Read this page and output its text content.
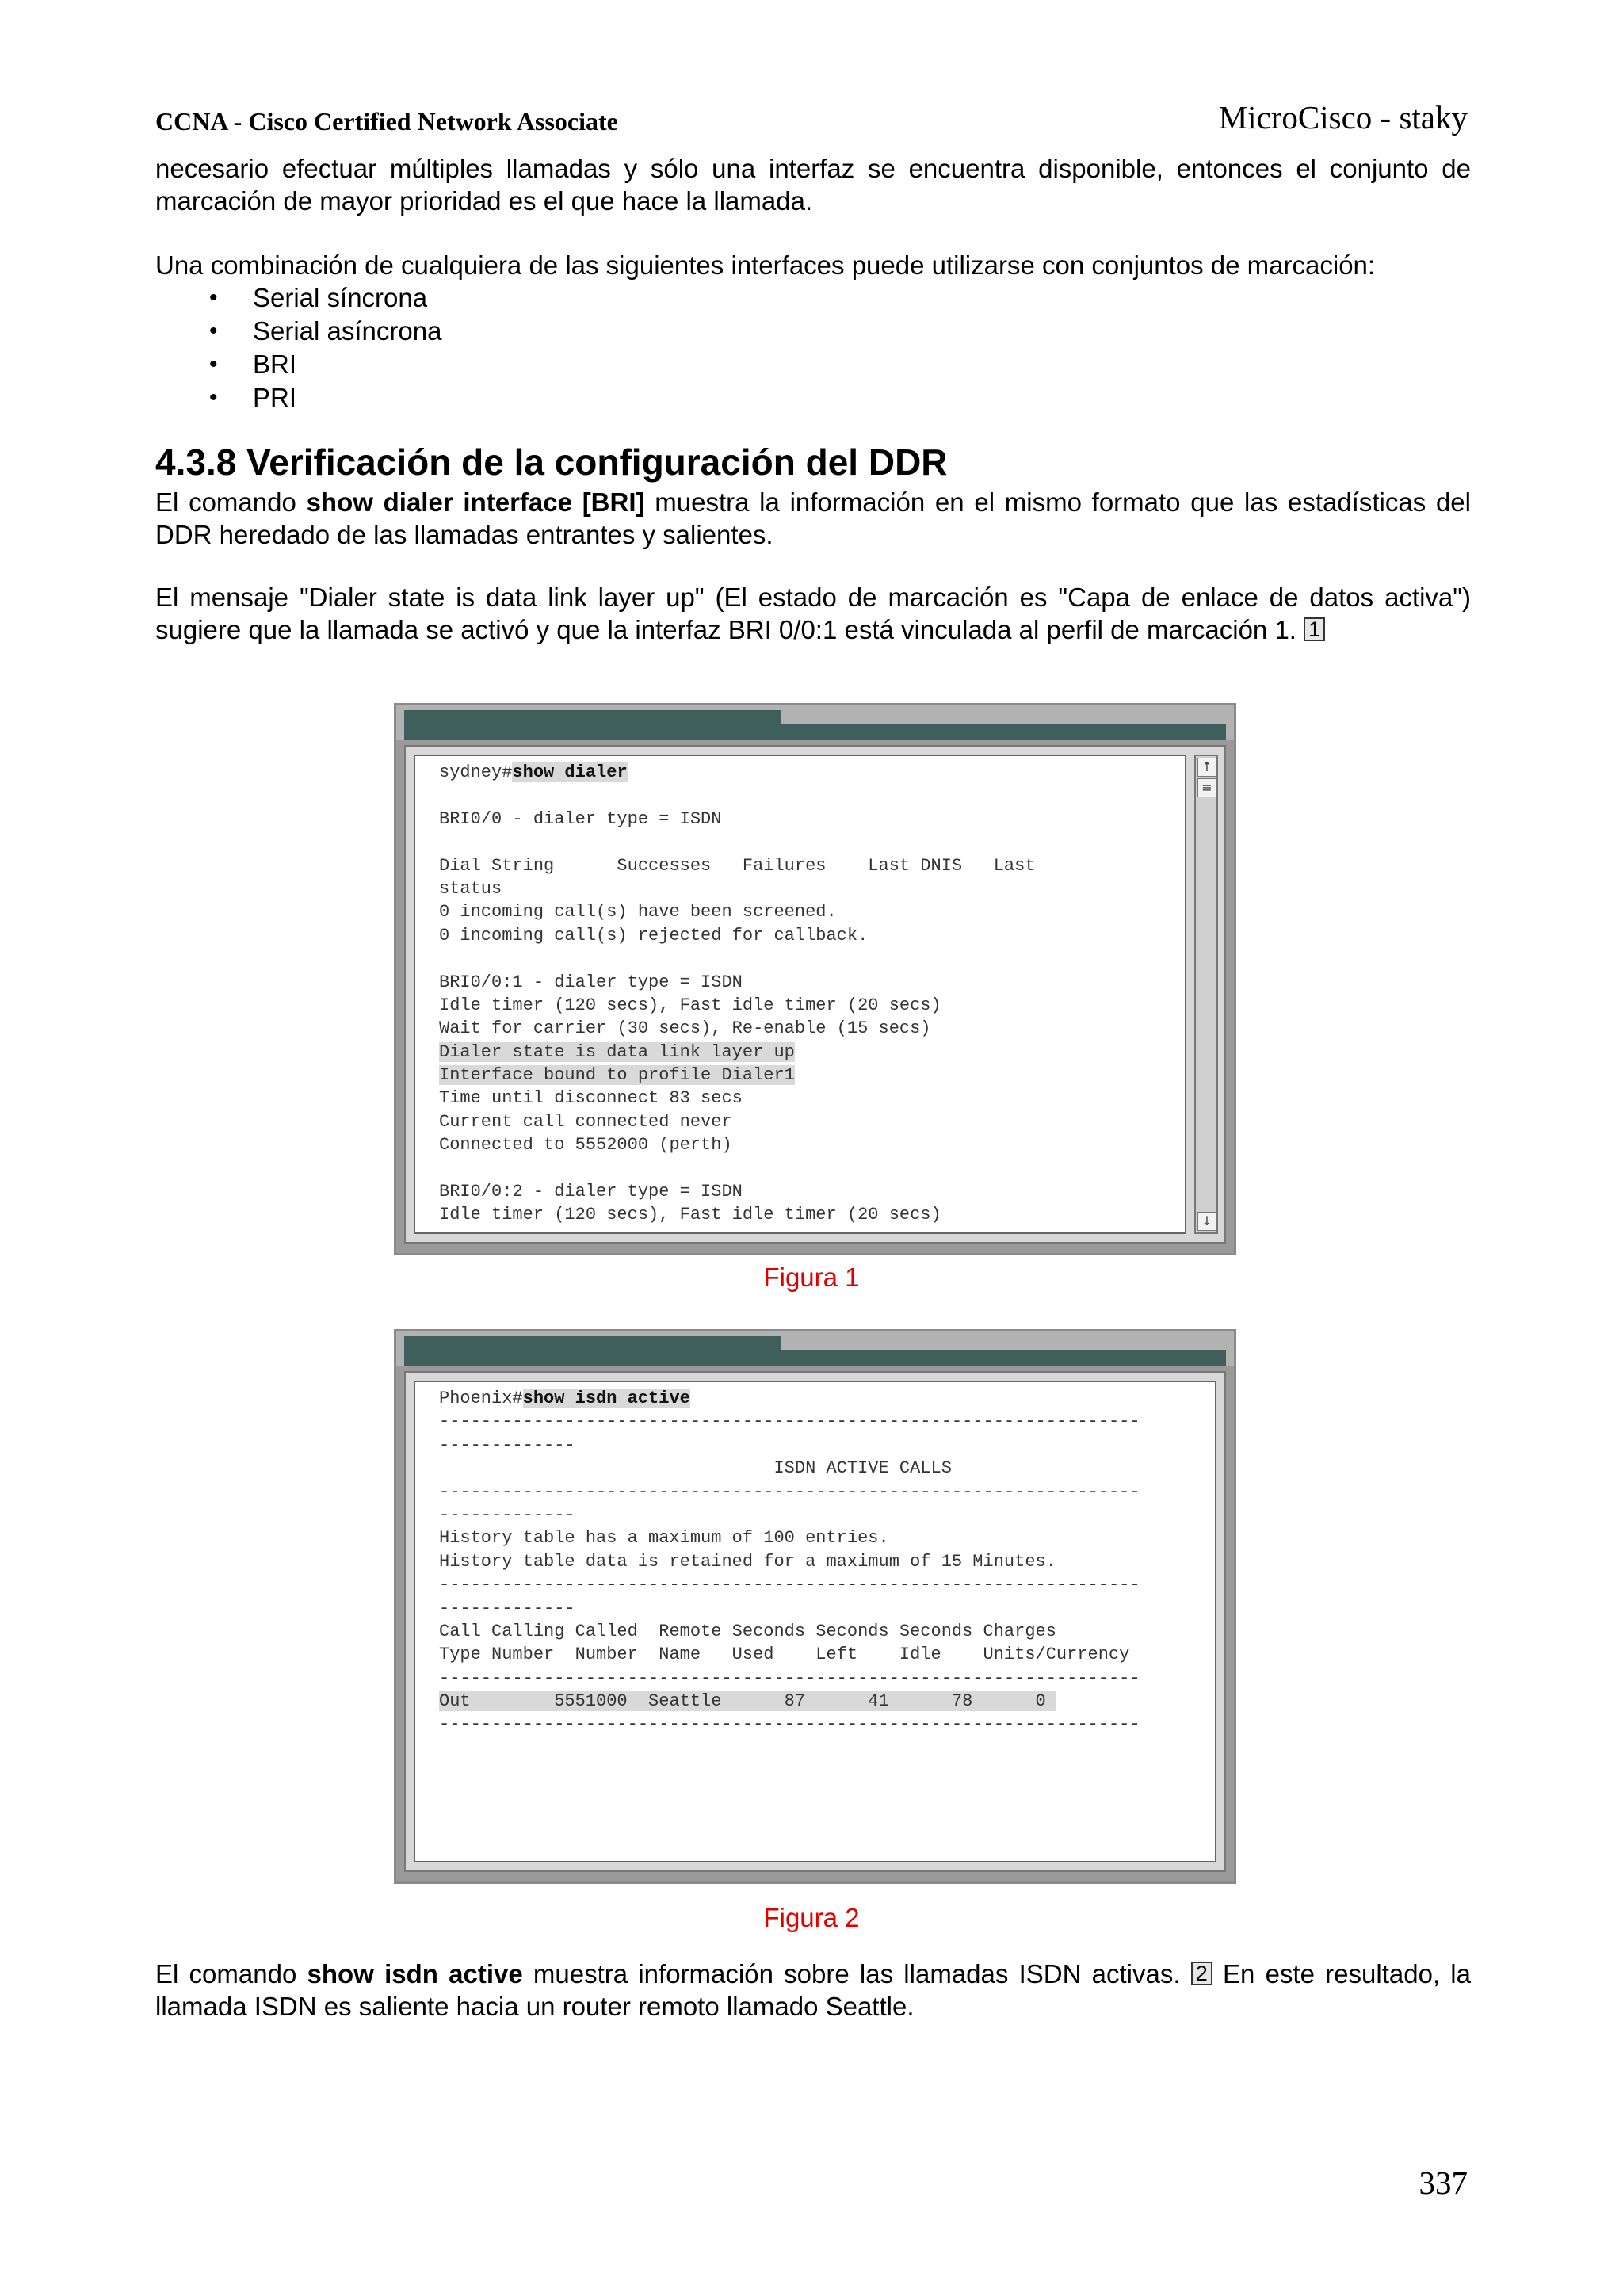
CCNA - Cisco Certified Network Associate	MicroCisco - staky

necesario efectuar múltiples llamadas y sólo una interfaz se encuentra disponible, entonces el conjunto de marcación de mayor prioridad es el que hace la llamada.

Una combinación de cualquiera de las siguientes interfaces puede utilizarse con conjuntos de marcación:

• Serial síncrona
• Serial asíncrona
• BRI
• PRI
4.3.8 Verificación de la configuración del DDR

El comando show dialer interface [BRI] muestra la información en el mismo formato que las estadísticas del DDR heredado de las llamadas entrantes y salientes.

El mensaje "Dialer state is data link layer up" (El estado de marcación es "Capa de enlace de datos activa") sugiere que la llamada se activó y que la interfaz BRI 0/0:1 está vinculada al perfil de marcación 1. 1

sydney#show dialer
BRI0/0 - dialer type = ISDN
Dial String      Successes   Failures    Last DNIS   Last
status
0 incoming call(s) have been screened.
0 incoming call(s) rejected for callback.
BRI0/0:1 - dialer type = ISDN
Idle timer (120 secs), Fast idle timer (20 secs)
Wait for carrier (30 secs), Re-enable (15 secs)
Dialer state is data link layer up
Interface bound to profile Dialer1
Time until disconnect 83 secs
Current call connected never
Connected to 5552000 (perth)
BRI0/0:2 - dialer type = ISDN
Idle timer (120 secs), Fast idle timer (20 secs)
↑
≡
↓
Figura 1
Phoenix#show isdn active
-------------------------------------------------------------------
-------------
ISDN ACTIVE CALLS
-------------------------------------------------------------------
-------------
History table has a maximum of 100 entries.
History table data is retained for a maximum of 15 Minutes.
-------------------------------------------------------------------
-------------
Call Calling Called  Remote Seconds Seconds Seconds Charges
Type Number  Number  Name   Used    Left    Idle    Units/Currency
-------------------------------------------------------------------
Out        5551000  Seattle      87      41      78      0
-------------------------------------------------------------------
Figura 2

El comando show isdn active muestra información sobre las llamadas ISDN activas. 2 En este resultado, la llamada ISDN es saliente hacia un router remoto llamado Seattle.

337
